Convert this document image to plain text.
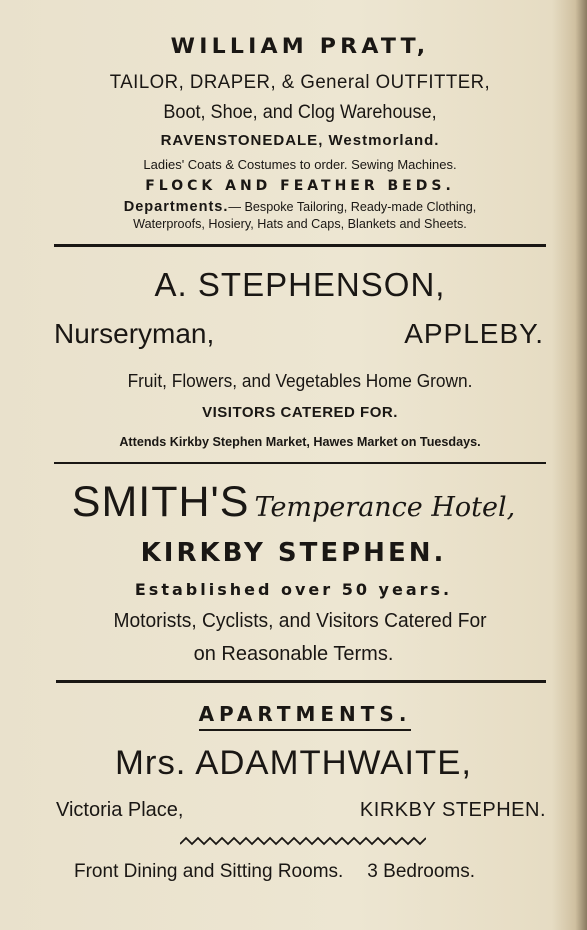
WILLIAM PRATT,
TAILOR, DRAPER, & General OUTFITTER,
Boot, Shoe, and Clog Warehouse,
RAVENSTONEDALE, Westmorland.
Ladies' Coats & Costumes to order. Sewing Machines.
FLOCK AND FEATHER BEDS.
Departments.— Bespoke Tailoring, Ready-made Clothing,
Waterproofs, Hosiery, Hats and Caps, Blankets and Sheets.
A. STEPHENSON,
Nurseryman,	APPLEBY.
Fruit, Flowers, and Vegetables Home Grown.
VISITORS CATERED FOR.
Attends Kirkby Stephen Market, Hawes Market on Tuesdays.
SMITH'S Temperance Hotel,
KIRKBY STEPHEN.
Established over 50 years.
Motorists, Cyclists, and Visitors Catered For
on Reasonable Terms.
APARTMENTS.
Mrs. ADAMTHWAITE,
Victoria Place,	KIRKBY STEPHEN.
Front Dining and Sitting Rooms. 3 Bedrooms.
